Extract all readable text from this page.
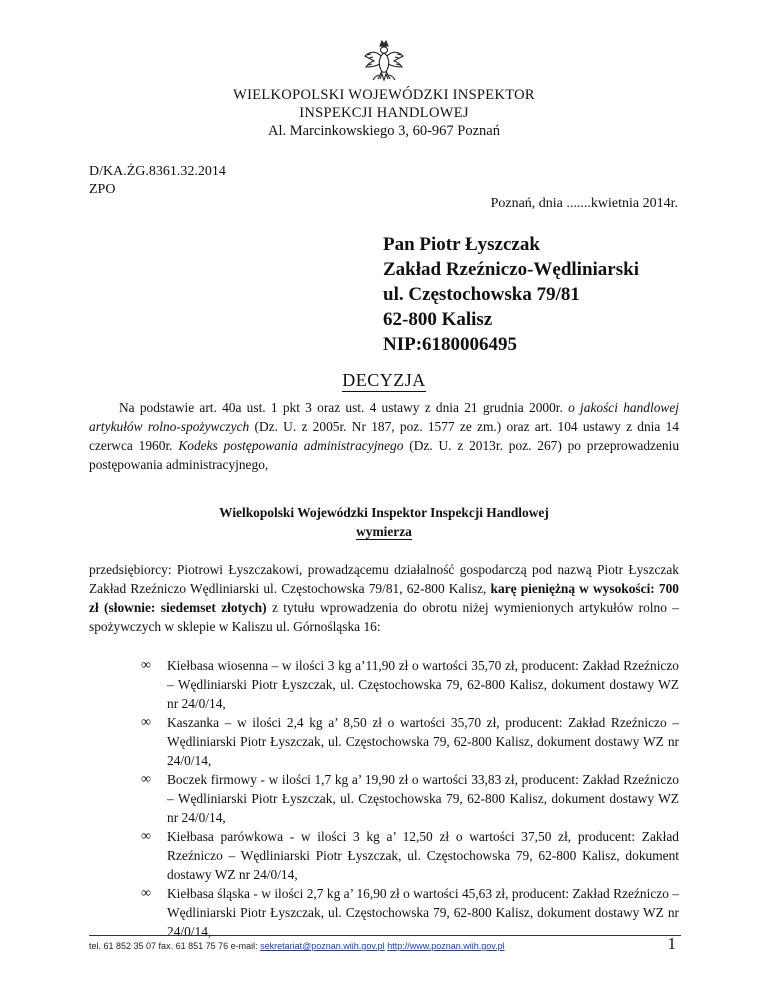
WIELKOPOLSKI WOJEWÓDZKI INSPEKTOR
INSPEKCJI HANDLOWEJ
Al. Marcinkowskiego 3, 60-967 Poznań
D/KA.ŻG.8361.32.2014
ZPO
Poznań, dnia .......kwietnia 2014r.
Pan Piotr Łyszczak
Zakład Rzeźniczo-Wędliniarski
ul. Częstochowska 79/81
62-800 Kalisz
NIP:6180006495
DECYZJA
Na podstawie art. 40a ust. 1 pkt 3 oraz ust. 4 ustawy z dnia 21 grudnia 2000r. o jakości handlowej artykułów rolno-spożywczych (Dz. U. z 2005r. Nr 187, poz. 1577 ze zm.) oraz art. 104 ustawy z dnia 14 czerwca 1960r. Kodeks postępowania administracyjnego (Dz. U. z 2013r. poz. 267) po przeprowadzeniu postępowania administracyjnego,
Wielkopolski Wojewódzki Inspektor Inspekcji Handlowej
wymierza
przedsiębiorcy: Piotrowi Łyszczakowi, prowadzącemu działalność gospodarczą pod nazwą Piotr Łyszczak Zakład Rzeźniczo Wędliniarski ul. Częstochowska 79/81, 62-800 Kalisz, karę pieniężną w wysokości: 700 zł (słownie: siedemset złotych) z tytułu wprowadzenia do obrotu niżej wymienionych artykułów rolno – spożywczych w sklepie w Kaliszu ul. Górnośląska 16:
∞ Kiełbasa wiosenna – w ilości 3 kg a’11,90 zł o wartości 35,70 zł, producent: Zakład Rzeźniczo – Wędliniarski Piotr Łyszczak, ul. Częstochowska 79, 62-800 Kalisz, dokument dostawy WZ nr 24/0/14,
∞ Kaszanka – w ilości 2,4 kg a’ 8,50 zł o wartości 35,70 zł, producent: Zakład Rzeźniczo – Wędliniarski Piotr Łyszczak, ul. Częstochowska 79, 62-800 Kalisz, dokument dostawy WZ nr 24/0/14,
∞ Boczek firmowy - w ilości 1,7 kg a’ 19,90 zł o wartości 33,83 zł, producent: Zakład Rzeźniczo – Wędliniarski Piotr Łyszczak, ul. Częstochowska 79, 62-800 Kalisz, dokument dostawy WZ nr 24/0/14,
∞ Kiełbasa parówkowa - w ilości 3 kg a’ 12,50 zł o wartości 37,50 zł, producent: Zakład Rzeźniczo – Wędliniarski Piotr Łyszczak, ul. Częstochowska 79, 62-800 Kalisz, dokument dostawy WZ nr 24/0/14,
∞ Kiełbasa śląska - w ilości 2,7 kg a’ 16,90 zł o wartości 45,63 zł, producent: Zakład Rzeźniczo – Wędliniarski Piotr Łyszczak, ul. Częstochowska 79, 62-800 Kalisz, dokument dostawy WZ nr 24/0/14,
tel. 61 852 35 07 fax. 61 851 75 76 e-mail: sekretariat@poznan.wiih.gov.pl http://www.poznan.wiih.gov.pl	1
